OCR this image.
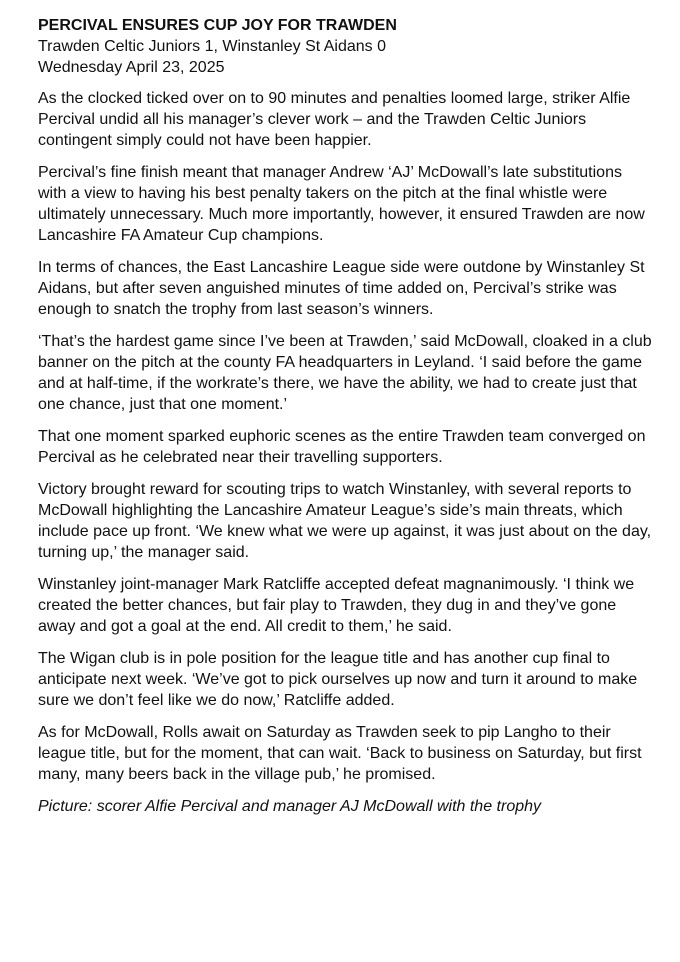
PERCIVAL ENSURES CUP JOY FOR TRAWDEN

Trawden Celtic Juniors 1, Winstanley St Aidans 0

Wednesday April 23, 2025

As the clocked ticked over on to 90 minutes and penalties loomed large, striker Alfie Percival undid all his manager’s clever work – and the Trawden Celtic Juniors contingent simply could not have been happier.

Percival’s fine finish meant that manager Andrew ‘AJ’ McDowall’s late substitutions with a view to having his best penalty takers on the pitch at the final whistle were ultimately unnecessary. Much more importantly, however, it ensured Trawden are now Lancashire FA Amateur Cup champions.

In terms of chances, the East Lancashire League side were outdone by Winstanley St Aidans, but after seven anguished minutes of time added on, Percival’s strike was enough to snatch the trophy from last season’s winners.

‘That’s the hardest game since I’ve been at Trawden,’ said McDowall, cloaked in a club banner on the pitch at the county FA headquarters in Leyland. ‘I said before the game and at half-time, if the workrate’s there, we have the ability, we had to create just that one chance, just that one moment.’

That one moment sparked euphoric scenes as the entire Trawden team converged on Percival as he celebrated near their travelling supporters.

Victory brought reward for scouting trips to watch Winstanley, with several reports to McDowall highlighting the Lancashire Amateur League’s side’s main threats, which include pace up front. ‘We knew what we were up against, it was just about on the day, turning up,’ the manager said.

Winstanley joint-manager Mark Ratcliffe accepted defeat magnanimously. ‘I think we created the better chances, but fair play to Trawden, they dug in and they’ve gone away and got a goal at the end. All credit to them,’ he said.

The Wigan club is in pole position for the league title and has another cup final to anticipate next week. ‘We’ve got to pick ourselves up now and turn it around to make sure we don’t feel like we do now,’ Ratcliffe added.

As for McDowall, Rolls await on Saturday as Trawden seek to pip Langho to their league title, but for the moment, that can wait. ‘Back to business on Saturday, but first many, many beers back in the village pub,’ he promised.

Picture: scorer Alfie Percival and manager AJ McDowall with the trophy
